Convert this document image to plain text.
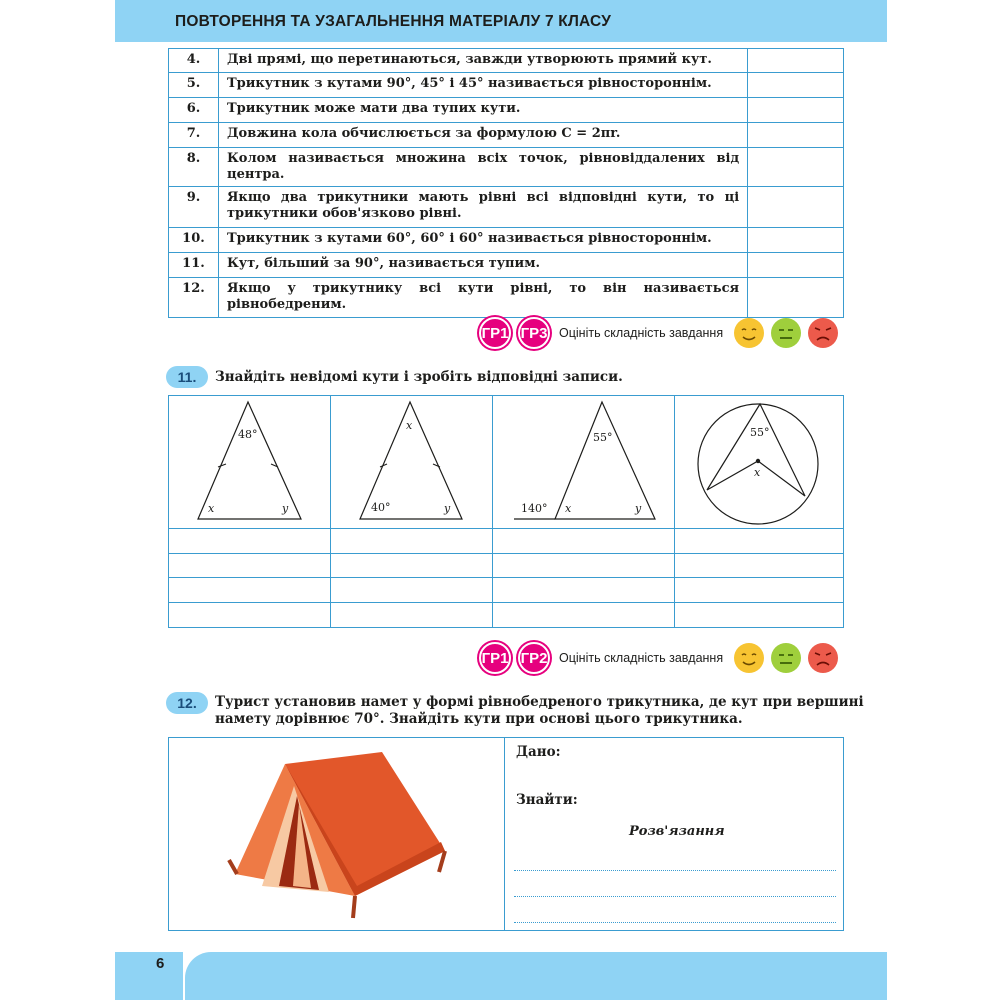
ПОВТОРЕННЯ ТА УЗАГАЛЬНЕННЯ МАТЕРІАЛУ 7 КЛАСУ
4.	Дві прямі, що перетинаються, завжди утворюють прямий кут.	
5.	Трикутник з кутами 90°, 45° і 45° називається рівностороннім.	
6.	Трикутник може мати два тупих кути.	
7.	Довжина кола обчислюється за формулою C = 2πr.	
8.	Колом називається множина всіх точок, рівновіддалених від центра.	
9.	Якщо два трикутники мають рівні всі відповідні кути, то ці трикутники обов'язково рівні.	
10.	Трикутник з кутами 60°, 60° і 60° називається рівностороннім.	
11.	Кут, більший за 90°, називається тупим.	
12.	Якщо у трикутнику всі кути рівні, то він називається рівнобедреним.	
ГР1 ГР3 Оцініть складність завдання
11.	Знайдіть невідомі кути і зробіть відповідні записи.
48°
x	y
x
40°	y
55°
140° x	y
55°
x
ГР1 ГР2 Оцініть складність завдання
12.	Турист установив намет у формі рівнобедреного трикутника, де кут при вершині
намету дорівнює 70°. Знайдіть кути при основі цього трикутника.
Дано:
Знайти:
Розв'язання
6
